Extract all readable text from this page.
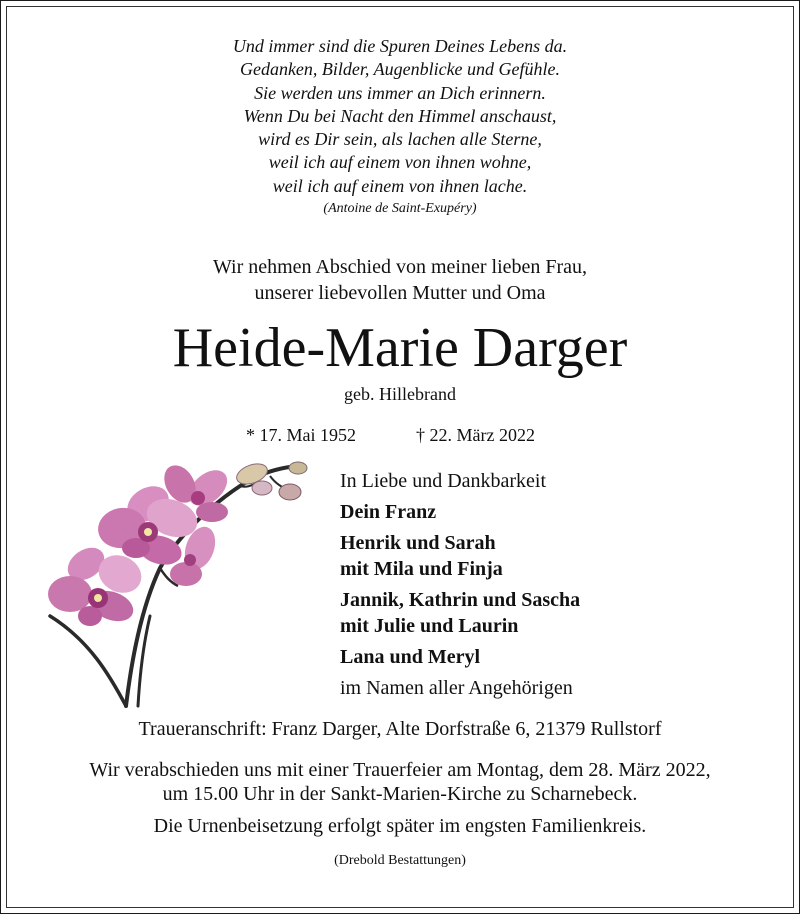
Und immer sind die Spuren Deines Lebens da.
Gedanken, Bilder, Augenblicke und Gefühle.
Sie werden uns immer an Dich erinnern.
Wenn Du bei Nacht den Himmel anschaust,
wird es Dir sein, als lachen alle Sterne,
weil ich auf einem von ihnen wohne,
weil ich auf einem von ihnen lache.
(Antoine de Saint-Exupéry)
Wir nehmen Abschied von meiner lieben Frau,
unserer liebevollen Mutter und Oma
Heide-Marie Darger
geb. Hillebrand
* 17. Mai 1952	† 22. März 2022
In Liebe und Dankbarkeit
Dein Franz
Henrik und Sarah
mit Mila und Finja
Jannik, Kathrin und Sascha
mit Julie und Laurin
Lana und Meryl
im Namen aller Angehörigen
Traueranschrift: Franz Darger, Alte Dorfstraße 6, 21379 Rullstorf
Wir verabschieden uns mit einer Trauerfeier am Montag, dem 28. März 2022,
um 15.00 Uhr in der Sankt-Marien-Kirche zu Scharnebeck.
Die Urnenbeisetzung erfolgt später im engsten Familienkreis.
(Drebold Bestattungen)
